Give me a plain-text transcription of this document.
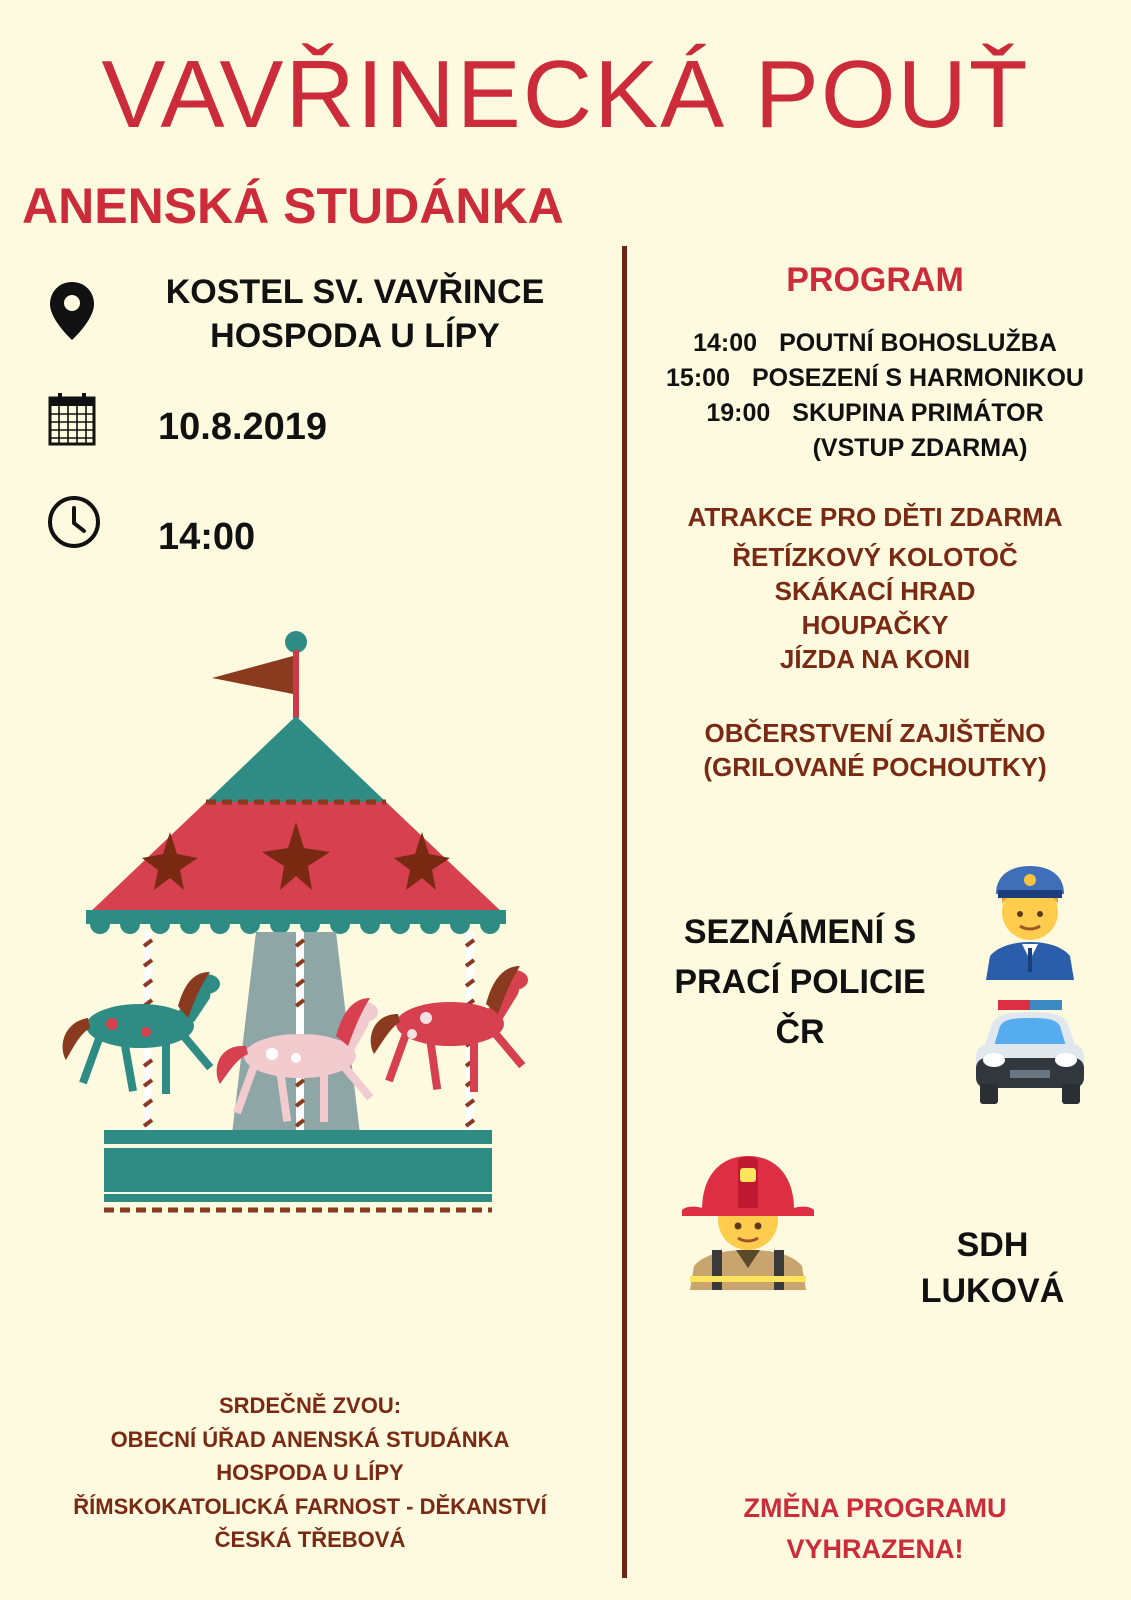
VAVŘINECKÁ POUŤ
ANENSKÁ STUDÁNKA
KOSTEL SV. VAVŘINCE
HOSPODA U LÍPY
10.8.2019
14:00
PROGRAM
14:00 POUTNÍ BOHOSLUŽBA
15:00 POSEZENÍ S HARMONIKOU
19:00 SKUPINA PRIMÁTOR
(VSTUP ZDARMA)
ATRAKCE PRO DĚTI ZDARMA
ŘETÍZKOVÝ KOLOTOČ
SKÁKACÍ HRAD
HOUPAČKY
JÍZDA NA KONI
OBČERSTVENÍ ZAJIŠTĚNO
(GRILOVANÉ POCHOUTKY)
SEZNÁMENÍ S
PRACÍ POLICIE
ČR
SDH
LUKOVÁ
SRDEČNĚ ZVOU:
OBECNÍ ÚŘAD ANENSKÁ STUDÁNKA
HOSPODA U LÍPY
ŘÍMSKOKATOLICKÁ FARNOST - DĚKANSTVÍ
ČESKÁ TŘEBOVÁ
ZMĚNA PROGRAMU
VYHRAZENA!
